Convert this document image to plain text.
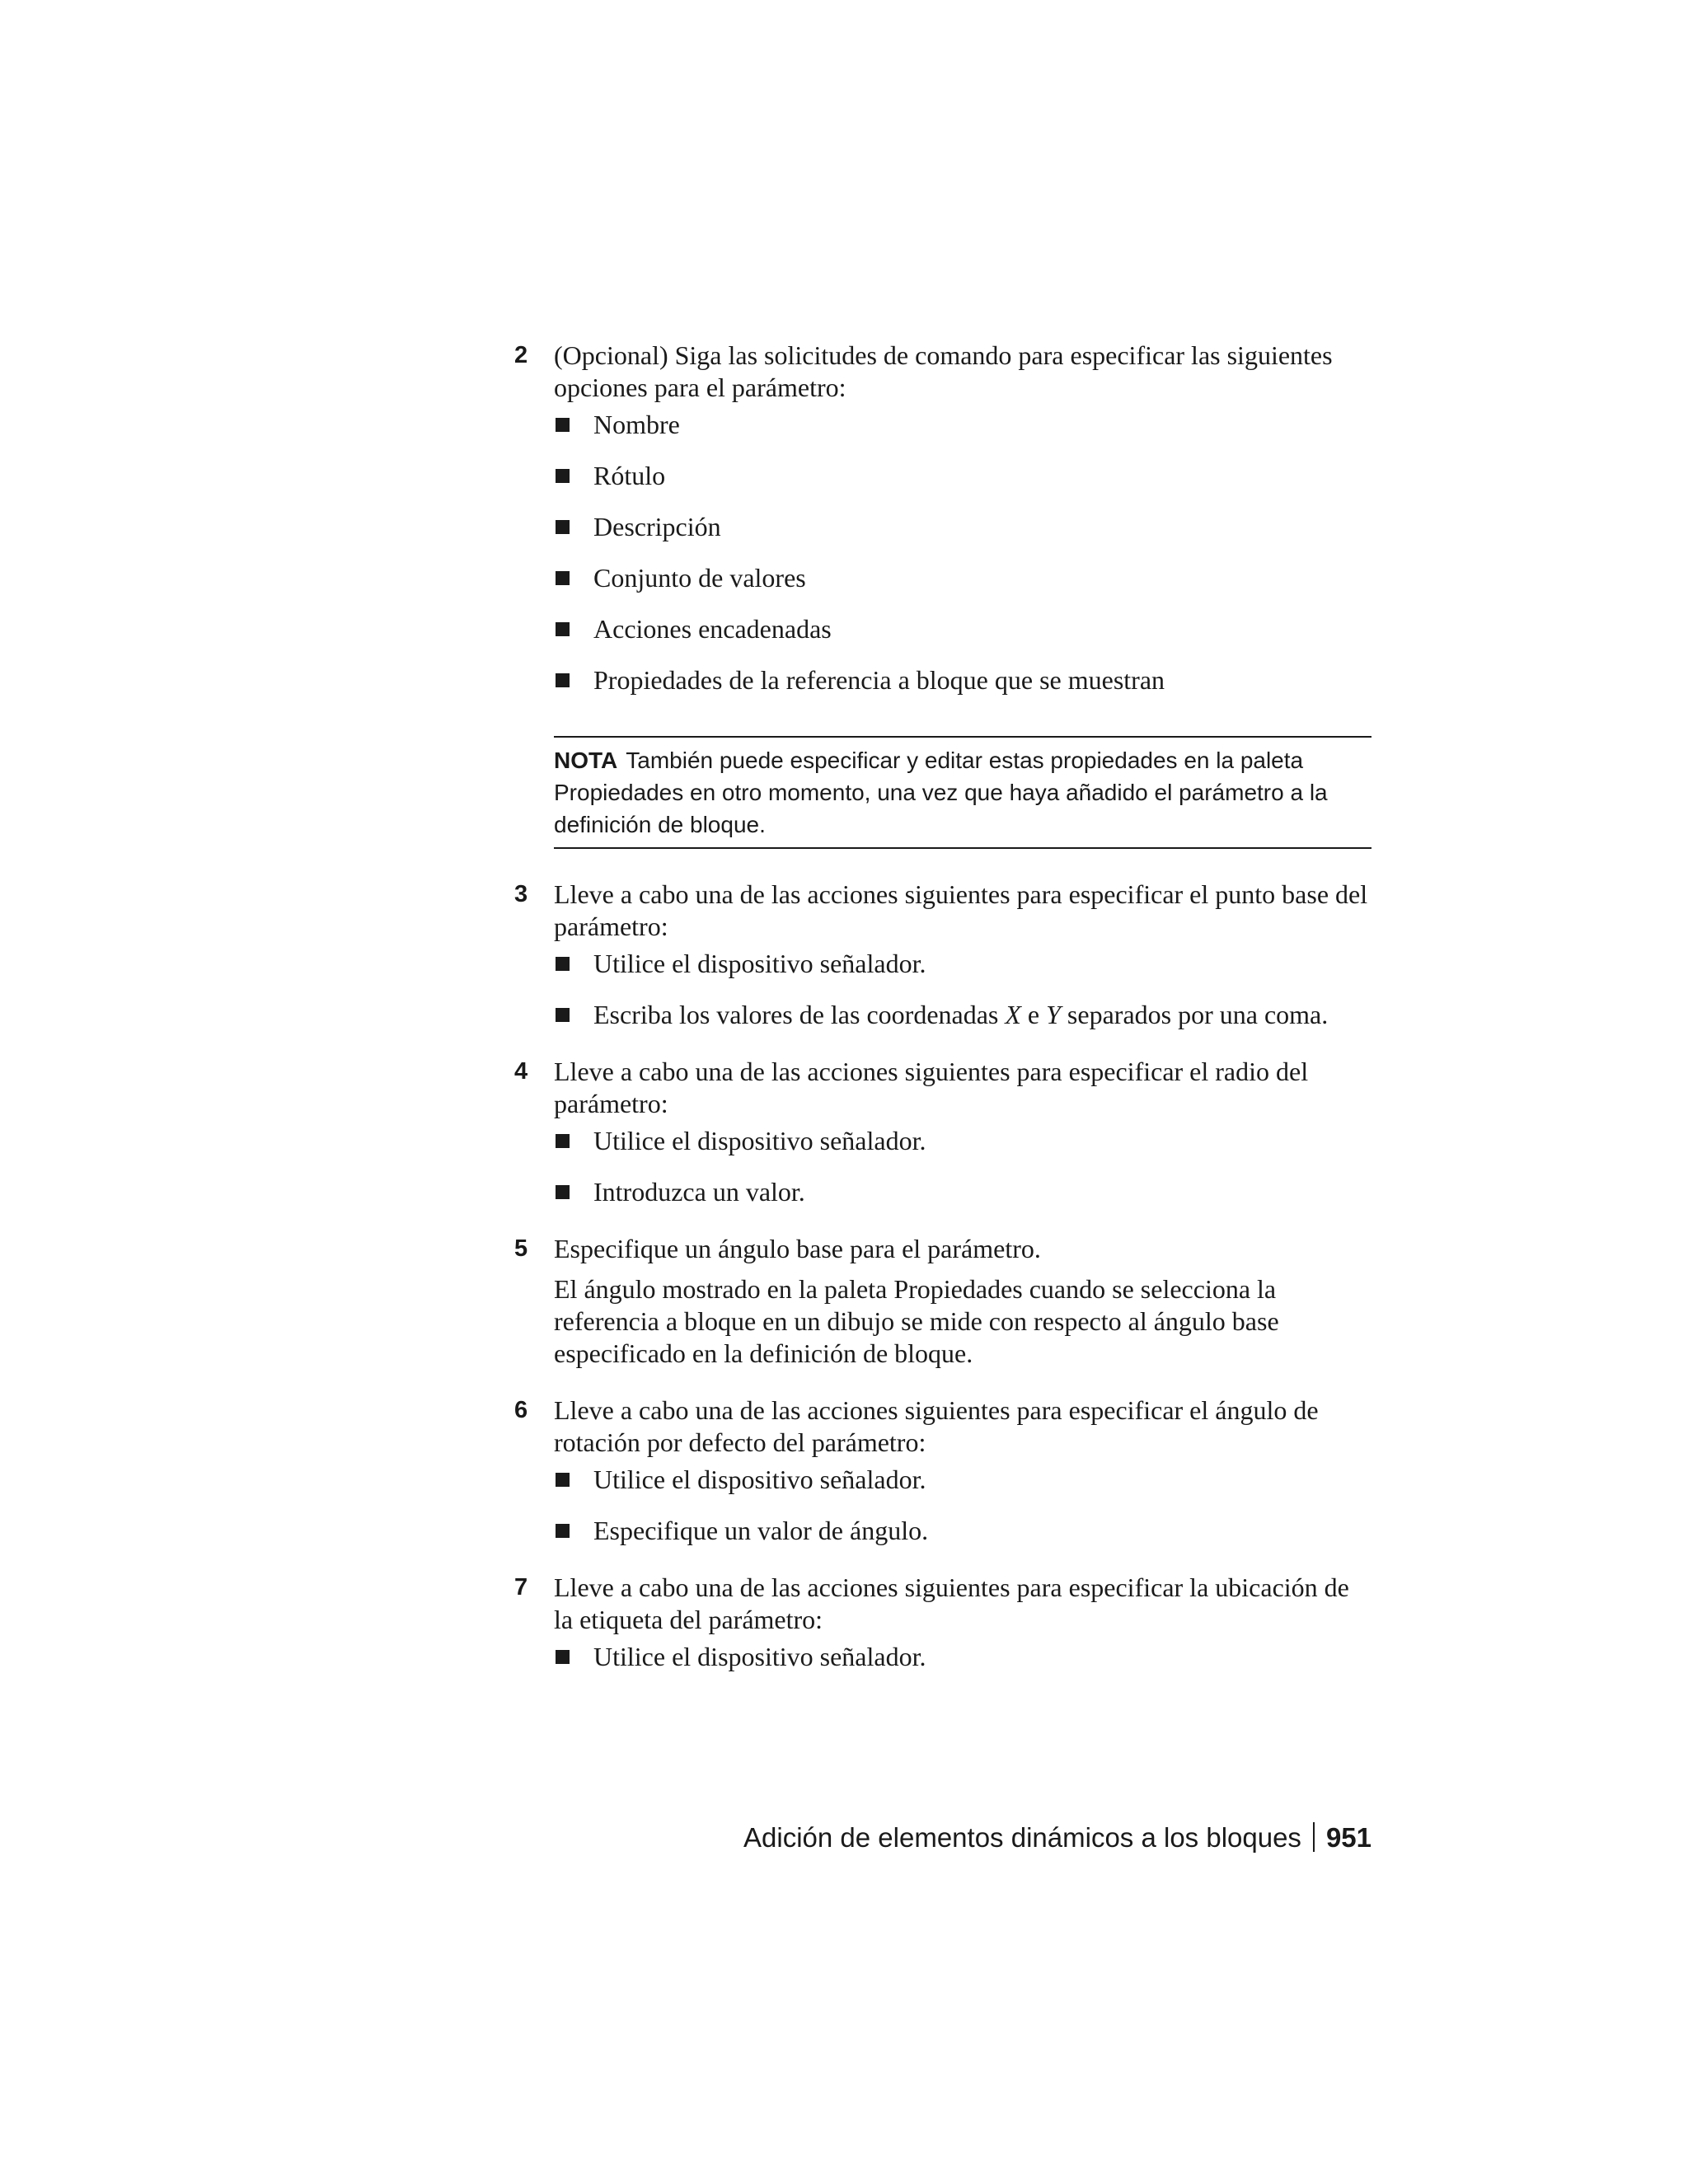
2 (Opcional) Siga las solicitudes de comando para especificar las siguientes opciones para el parámetro:

Nombre
Rótulo
Descripción
Conjunto de valores
Acciones encadenadas
Propiedades de la referencia a bloque que se muestran
NOTA También puede especificar y editar estas propiedades en la paleta Propiedades en otro momento, una vez que haya añadido el parámetro a la definición de bloque.
3 Lleve a cabo una de las acciones siguientes para especificar el punto base del parámetro:

Utilice el dispositivo señalador.
Escriba los valores de las coordenadas X e Y separados por una coma.
4 Lleve a cabo una de las acciones siguientes para especificar el radio del parámetro:

Utilice el dispositivo señalador.
Introduzca un valor.
5 Especifique un ángulo base para el parámetro.

El ángulo mostrado en la paleta Propiedades cuando se selecciona la referencia a bloque en un dibujo se mide con respecto al ángulo base especificado en la definición de bloque.

6 Lleve a cabo una de las acciones siguientes para especificar el ángulo de rotación por defecto del parámetro:

Utilice el dispositivo señalador.
Especifique un valor de ángulo.
7 Lleve a cabo una de las acciones siguientes para especificar la ubicación de la etiqueta del parámetro:

Utilice el dispositivo señalador.
Adición de elementos dinámicos a los bloques 951
